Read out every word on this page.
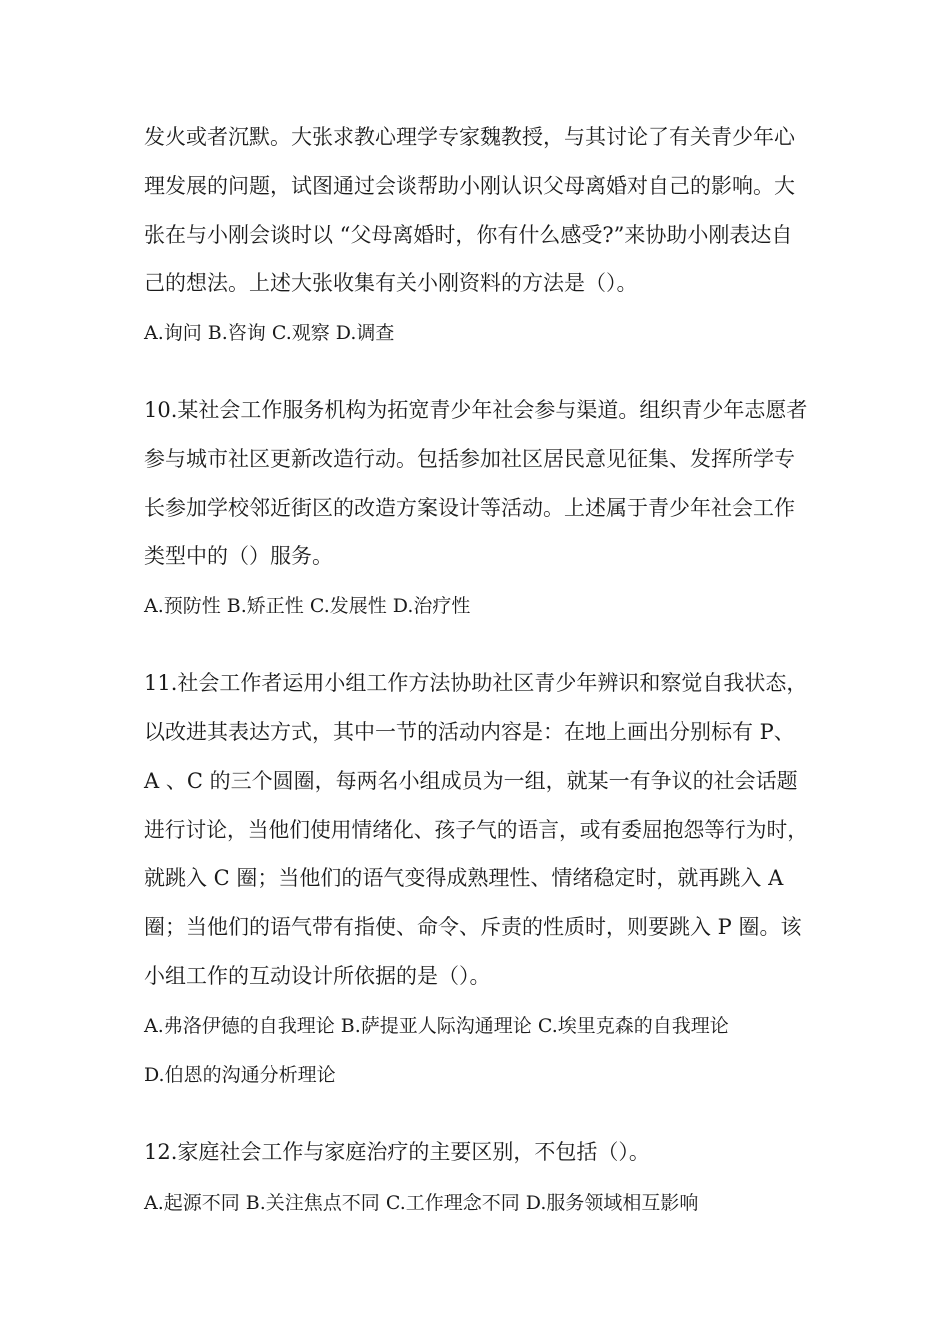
发火或者沉默。大张求教心理学专家魏教授，与其讨论了有关青少年心
理发展的问题，试图通过会谈帮助小刚认识父母离婚对自己的影响。大
张在与小刚会谈时以 “父母离婚时，你有什么感受?”来协助小刚表达自
己的想法。上述大张收集有关小刚资料的方法是（）。
A.询问 B.咨询 C.观察 D.调查
10.某社会工作服务机构为拓宽青少年社会参与渠道。组织青少年志愿者
参与城市社区更新改造行动。包括参加社区居民意见征集、发挥所学专
长参加学校邻近街区的改造方案设计等活动。上述属于青少年社会工作
类型中的（）服务。
A.预防性 B.矫正性 C.发展性 D.治疗性
11.社会工作者运用小组工作方法协助社区青少年辨识和察觉自我状态，
以改进其表达方式，其中一节的活动内容是：在地上画出分别标有 P、
A 、C 的三个圆圈，每两名小组成员为一组，就某一有争议的社会话题
进行讨论，当他们使用情绪化、孩子气的语言，或有委屈抱怨等行为时，
就跳入 C 圈；当他们的语气变得成熟理性、情绪稳定时，就再跳入 A
圈；当他们的语气带有指使、命令、斥责的性质时，则要跳入 P 圈。该
小组工作的互动设计所依据的是（）。
A.弗洛伊德的自我理论 B.萨提亚人际沟通理论 C.埃里克森的自我理论
D.伯恩的沟通分析理论
12.家庭社会工作与家庭治疗的主要区别，不包括（）。
A.起源不同 B.关注焦点不同 C.工作理念不同 D.服务领域相互影响
